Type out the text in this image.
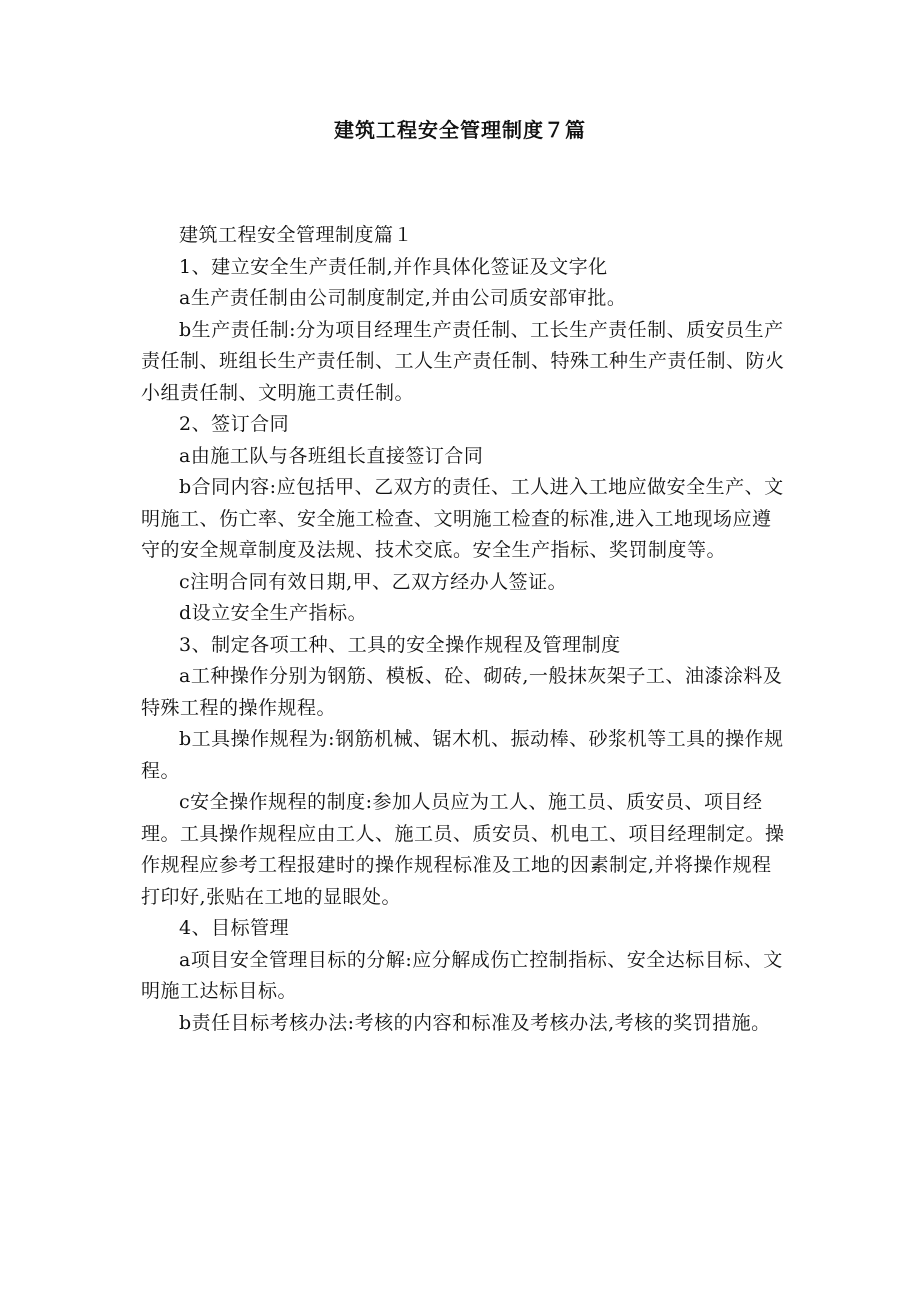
建筑工程安全管理制度７篇

建筑工程安全管理制度篇１

1、建立安全生产责任制,并作具体化签证及文字化

a生产责任制由公司制度制定,并由公司质安部审批。

b生产责任制:分为项目经理生产责任制、工长生产责任制、质安员生产责任制、班组长生产责任制、工人生产责任制、特殊工种生产责任制、防火小组责任制、文明施工责任制。

2、签订合同

a由施工队与各班组长直接签订合同

b合同内容:应包括甲、乙双方的责任、工人进入工地应做安全生产、文明施工、伤亡率、安全施工检查、文明施工检查的标准,进入工地现场应遵守的安全规章制度及法规、技术交底。安全生产指标、奖罚制度等。

c注明合同有效日期,甲、乙双方经办人签证。

d设立安全生产指标。

3、制定各项工种、工具的安全操作规程及管理制度

a工种操作分别为钢筋、模板、砼、砌砖,一般抹灰架子工、油漆涂料及特殊工程的操作规程。

b工具操作规程为:钢筋机械、锯木机、振动棒、砂浆机等工具的操作规程。

c安全操作规程的制度:参加人员应为工人、施工员、质安员、项目经理。工具操作规程应由工人、施工员、质安员、机电工、项目经理制定。操作规程应参考工程报建时的操作规程标准及工地的因素制定,并将操作规程打印好,张贴在工地的显眼处。

4、目标管理

a项目安全管理目标的分解:应分解成伤亡控制指标、安全达标目标、文明施工达标目标。

b责任目标考核办法:考核的内容和标准及考核办法,考核的奖罚措施。
